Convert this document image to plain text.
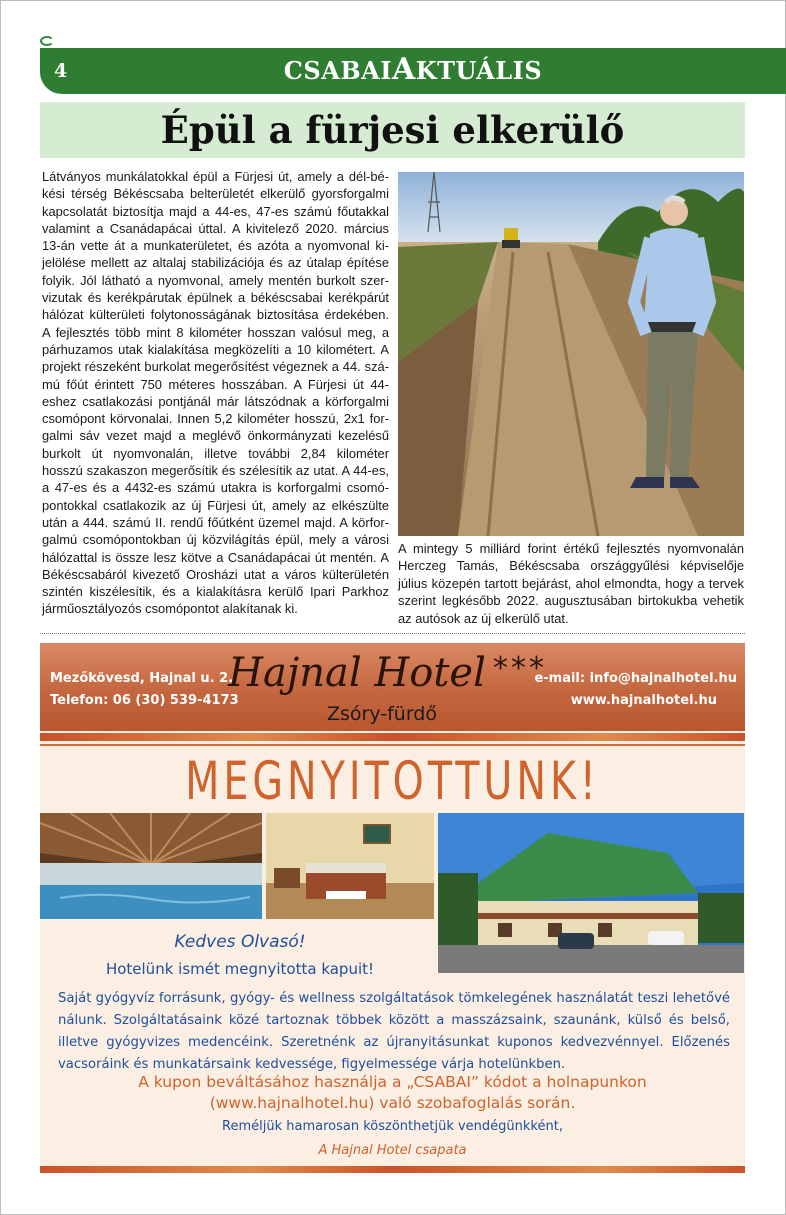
4	CSABAIAKTUÁLIS
Épül a fürjesi elkerülő

Látványos munkálatokkal épül a Fürjesi út, amely a dél-békési térség Békéscsaba belterületét elkerülő gyorsforgalmi kapcsolatát biztosítja majd a 44-es, 47-es számú főutakkal valamint a Csanádapácai úttal. A kivitelező 2020. március 13-án vette át a munkaterületet, és azóta a nyomvonal kijelölése mellett az altalaj stabilizációja és az útalap építése folyik. Jól látható a nyomvonal, amely mentén burkolt szervizutak és kerékpárutak épülnek a békéscsabai kerékpárút hálózat külterületi folytonosságának biztosítása érdekében. A fejlesztés több mint 8 kilométer hosszan valósul meg, a párhuzamos utak kialakítása megközelíti a 10 kilométert. A projekt részeként burkolat megerősítést végeznek a 44. számú főút érintett 750 méteres hosszában. A Fürjesi út 44-eshez csatlakozási pontjánál már látszódnak a körforgalmi csomópont körvonalai. Innen 5,2 kilométer hosszú, 2x1 forgalmi sáv vezet majd a meglévő önkormányzati kezelésű burkolt út nyomvonalán, illetve további 2,84 kilométer hosszú szakaszon megerősítik és szélesítik az utat. A 44-es, a 47-es és a 4432-es számú utakra is korforgalmi csomópontokkal csatlakozik az új Fürjesi út, amely az elkészülte után a 444. számú II. rendű főútként üzemel majd. A körforgalmú csomópontokban új közvilágítás épül, mely a városi hálózattal is össze lesz kötve a Csanádapácai út mentén. A Békéscsabáról kivezető Orosházi utat a város külterületén szintén kiszélesítik, és a kialakításra kerülő Ipari Parkhoz járműosztályozós csomópontot alakítanak ki.

A mintegy 5 milliárd forint értékű fejlesztés nyomvonalán Herczeg Tamás, Békéscsaba országgyűlési képviselője július közepén tartott bejárást, ahol elmondta, hogy a tervek szerint legkésőbb 2022. augusztusában birtokukba vehetik az autósok az új elkerülő utat.

Mezőkövesd, Hajnal u. 2.
Telefon: 06 (30) 539-4173
e-mail: info@hajnalhotel.hu
www.hajnalhotel.hu
Hajnal Hotel ***
Zsóry-fürdő
MEGNYITOTTUNK!
Kedves Olvasó!
Hotelünk ismét megnyitotta kapuit!

Saját gyógyvíz forrásunk, gyógy- és wellness szolgáltatások tömkelegének használatát teszi lehetővé nálunk. Szolgáltatásaink közé tartoznak többek között a masszázsaink, szaunánk, külső és belső, illetve gyógyvizes medencéink. Szeretnénk az újranyitásunkat kuponos kedvezvénnyel. Előzenés vacsoráink és munkatársaink kedvessége, figyelmessége várja hotelünkben.

A kupon beváltásához használja a „CSABAI” kódot a holnapunkon
(www.hajnalhotel.hu) való szobafoglalás során.
Reméljük hamarosan köszönthetjük vendégünkként,
A Hajnal Hotel csapata
